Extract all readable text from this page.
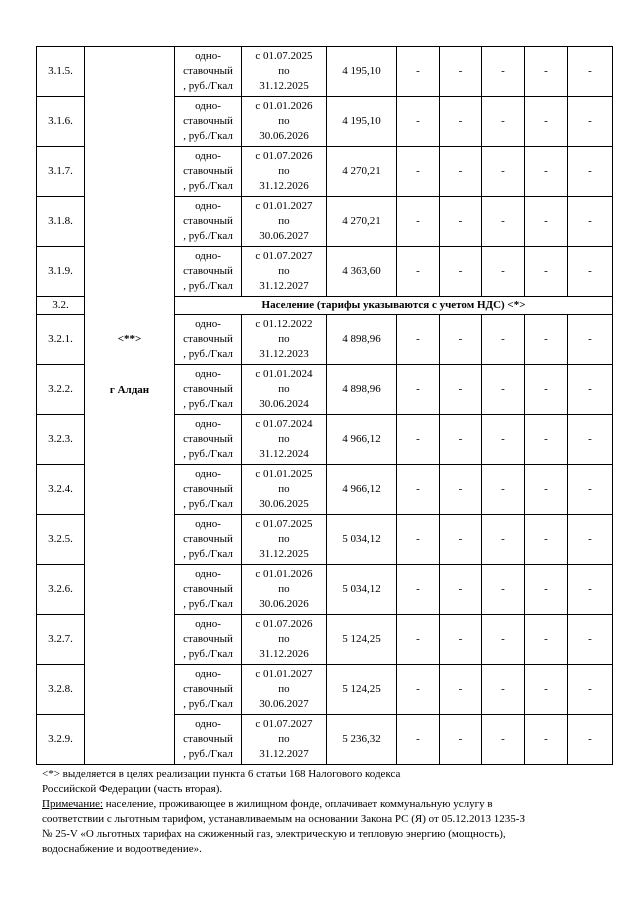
3.1.5.	<**>
г Алдан	одно-
ставочный
, руб./Гкал	с 01.07.2025
по
31.12.2025	4 195,10	-	-	-	-	-
3.1.6.		одно-
ставочный
, руб./Гкал	с 01.01.2026
по
30.06.2026	4 195,10	-	-	-	-	-
3.1.7.		одно-
ставочный
, руб./Гкал	с 01.07.2026
по
31.12.2026	4 270,21	-	-	-	-	-
3.1.8.		одно-
ставочный
, руб./Гкал	с 01.01.2027
по
30.06.2027	4 270,21	-	-	-	-	-
3.1.9.		одно-
ставочный
, руб./Гкал	с 01.07.2027
по
31.12.2027	4 363,60	-	-	-	-	-
3.2.		Население (тарифы указываются с учетом НДС) <*>							
3.2.1.		одно-
ставочный
, руб./Гкал	с 01.12.2022
по
31.12.2023	4 898,96	-	-	-	-	-
3.2.2.		одно-
ставочный
, руб./Гкал	с 01.01.2024
по
30.06.2024	4 898,96	-	-	-	-	-
3.2.3.		одно-
ставочный
, руб./Гкал	с 01.07.2024
по
31.12.2024	4 966,12	-	-	-	-	-
3.2.4.		одно-
ставочный
, руб./Гкал	с 01.01.2025
по
30.06.2025	4 966,12	-	-	-	-	-
3.2.5.		одно-
ставочный
, руб./Гкал	с 01.07.2025
по
31.12.2025	5 034,12	-	-	-	-	-
3.2.6.		одно-
ставочный
, руб./Гкал	с 01.01.2026
по
30.06.2026	5 034,12	-	-	-	-	-
3.2.7.		одно-
ставочный
, руб./Гкал	с 01.07.2026
по
31.12.2026	5 124,25	-	-	-	-	-
3.2.8.		одно-
ставочный
, руб./Гкал	с 01.01.2027
по
30.06.2027	5 124,25	-	-	-	-	-
3.2.9.		одно-
ставочный
, руб./Гкал	с 01.07.2027
по
31.12.2027	5 236,32	-	-	-	-	-

<*> выделяется в целях реализации пункта 6 статьи 168 Налогового кодекса

Российской Федерации (часть вторая).

Примечание: население, проживающее в жилищном фонде, оплачивает коммунальную услугу в

соответствии с льготным тарифом, устанавливаемым на основании Закона РС (Я) от 05.12.2013 1235-З

№ 25-V «О льготных тарифах на сжиженный газ, электрическую и тепловую энергию (мощность),

водоснабжение и водоотведение».
